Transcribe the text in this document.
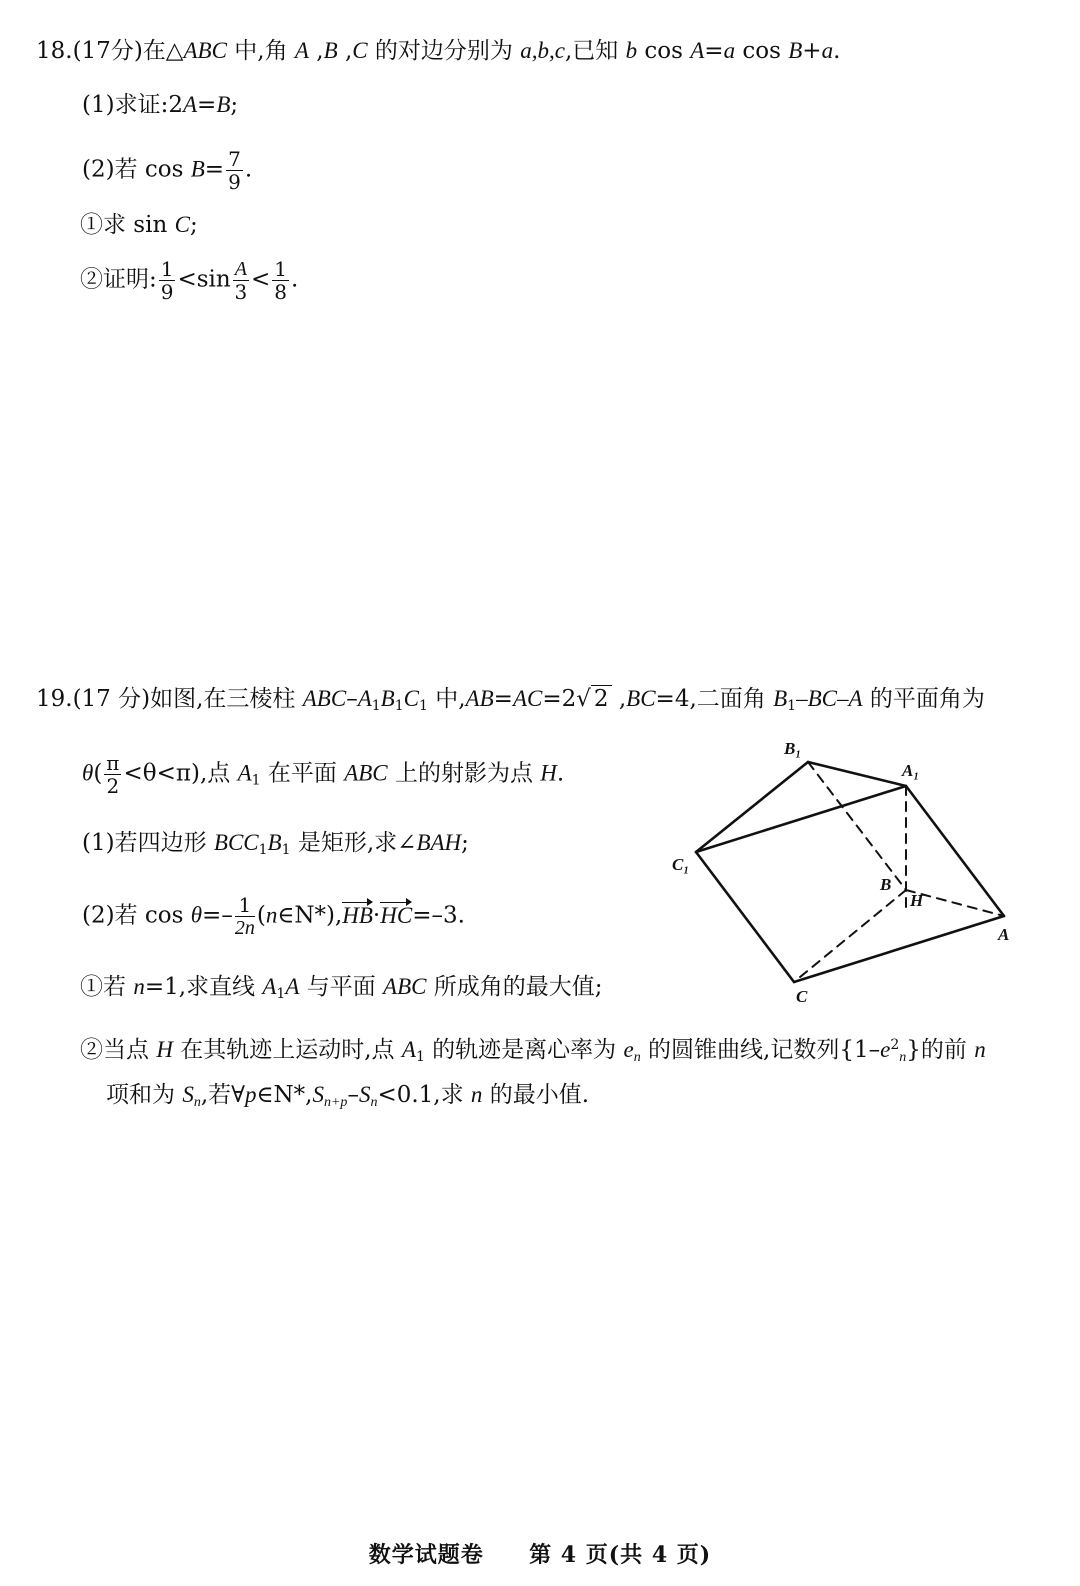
18.(17分)在△ABC 中,角 A ,B ,C 的对边分别为 a,b,c,已知 b cos A=a cos B+a.
(1)求证:2A=B;
(2)若 $\cos B= \frac{7}{9}$ .
①求 sin C;
②证明: $\frac{1}{9} <\sin \frac{A}{3} < \frac{1}{8}$ .
19.(17 分)如图,在三棱柱 ABC–$A_1B_1C_1$ 中,AB=AC=2√ 2 ,BC=4,二面角 $B_1-BC-A$ 的平面角为
$\theta( \frac{\pi}{2} <\theta<\pi)$,点 $A_1$ 在平面 ABC 上的射影为点 H.
(1)若四边形 $BCC_1B_1$ 是矩形,求∠BAH;
(2)若 $\cos \theta=- \frac{1}{2n}$ (n∈N*),HB·HC=–3.
①若 n=1,求直线 $A_1A$ 与平面 ABC 所成角的最大值;
②当点 H 在其轨迹上运动时,点 $A_1$ 的轨迹是离心率为 $e_n$ 的圆锥曲线,记数列$\{1-e^2_n\}$的前 n
项和为 $S_n$,若$\forall p\in N*,S_{n+p}-S_n<0.1$,求 n 的最小值.
B₁
A₁
C₁
B
H
A
C
数学试题卷 第 4 页(共 4 页)
